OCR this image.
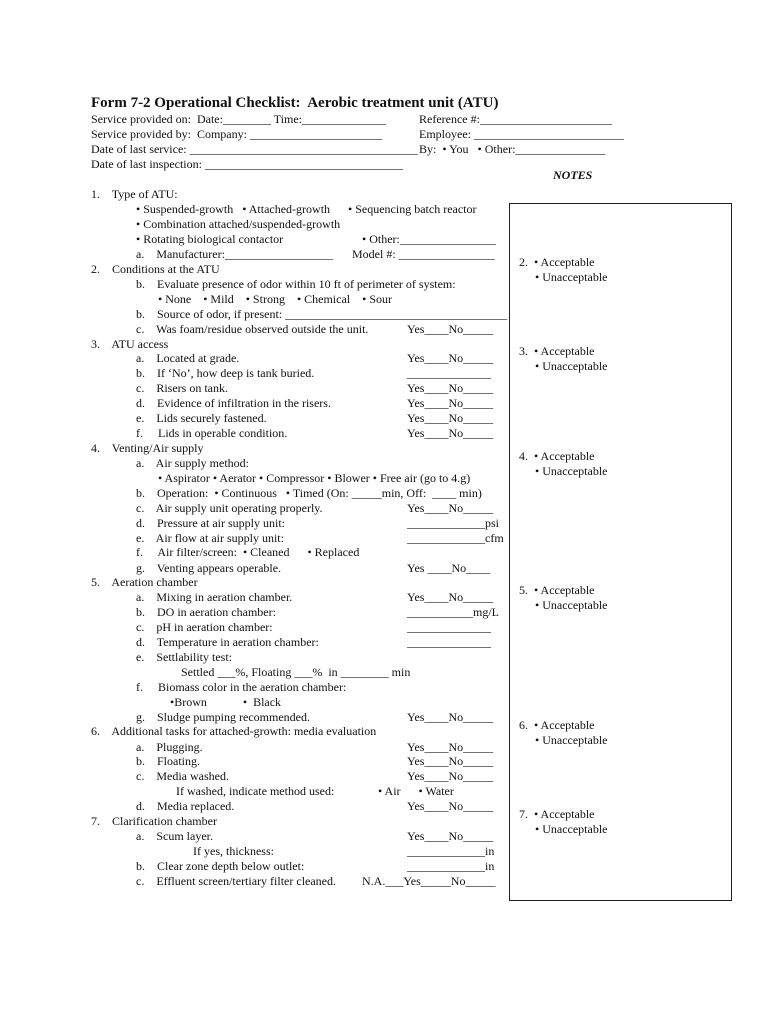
Form 7-2 Operational Checklist:  Aerobic treatment unit (ATU)
Service provided on:  Date:________ Time:______________	Reference #:______________________
Service provided by:  Company: ______________________	Employee: _________________________
Date of last service: ______________________________________ By:  • You   • Other:_______________
Date of last inspection: _________________________________
NOTES
1.    Type of ATU:
• Suspended-growth   • Attached-growth      • Sequencing batch reactor
• Combination attached/suspended-growth
• Rotating biological contactor	• Other:________________
a.    Manufacturer:__________________ Model #: ________________
2.    Conditions at the ATU
b.    Evaluate presence of odor within 10 ft of perimeter of system:
• None    • Mild    • Strong    • Chemical    • Sour
b.    Source of odor, if present: _____________________________________
c.    Was foam/residue observed outside the unit.	Yes____No_____
3.    ATU access
a.    Located at grade.	Yes____No_____
b.    If ‘No’, how deep is tank buried.	______________
c.    Risers on tank.	Yes____No_____
d.    Evidence of infiltration in the risers.	Yes____No_____
e.    Lids securely fastened.	Yes____No_____
f.     Lids in operable condition.	Yes____No_____
4.    Venting/Air supply
a.    Air supply method:
• Aspirator • Aerator • Compressor • Blower • Free air (go to 4.g)
b.    Operation:  • Continuous   • Timed (On: _____min, Off:  ____ min)
c.    Air supply unit operating properly.	Yes____No_____
d.    Pressure at air supply unit:	_____________psi
e.    Air flow at air supply unit:	_____________cfm
f.     Air filter/screen:  • Cleaned      • Replaced
g.    Venting appears operable.	Yes ____No____
5.    Aeration chamber
a.    Mixing in aeration chamber.	Yes____No_____
b.    DO in aeration chamber:	___________mg/L
c.    pH in aeration chamber:	______________
d.    Temperature in aeration chamber:	______________
e.    Settlability test:
Settled ___%, Floating ___%  in ________ min
f.     Biomass color in the aeration chamber:
•Brown            •  Black
g.    Sludge pumping recommended.	Yes____No_____
6.    Additional tasks for attached-growth: media evaluation
a.    Plugging.	Yes____No_____
b.    Floating.	Yes____No_____
c.    Media washed.	Yes____No_____
If washed, indicate method used:	• Air      • Water
d.    Media replaced.	Yes____No_____
7.    Clarification chamber
a.    Scum layer.	Yes____No_____
If yes, thickness:	_____________in
b.    Clear zone depth below outlet:	_____________in
c.    Effluent screen/tertiary filter cleaned. N.A.___Yes_____No_____
2.  • Acceptable
• Unacceptable
3.  • Acceptable
• Unacceptable
4.  • Acceptable
• Unacceptable
5.  • Acceptable
• Unacceptable
6.  • Acceptable
• Unacceptable
7.  • Acceptable
• Unacceptable
